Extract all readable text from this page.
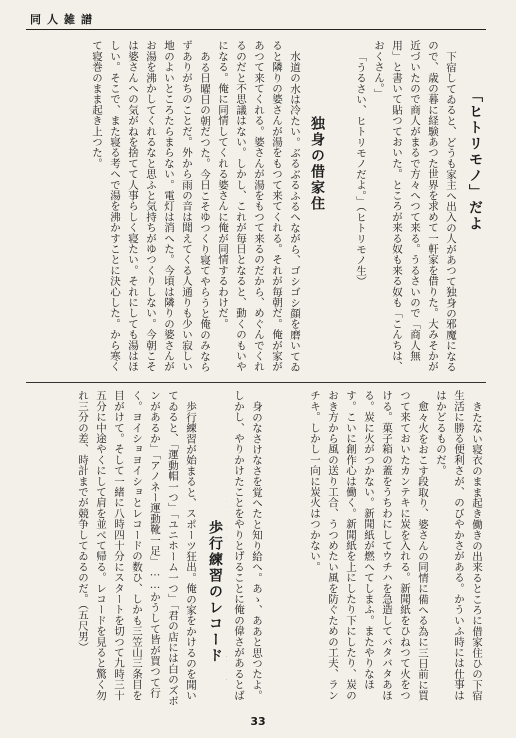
同人雑譜
「ヒトリモノ」だよ

下宿してゐると、どうも家主へ出入の人があつて独身の邪魔になるので、歳の暮に経験あつた世界を求めて一軒家を借りた。大みそかが近づいたので商人がまるで方々へつて来る。うるさいので「商人無用」と書いて貼つておいた。ところが来る奴も来る奴も「こんちは、おくさん。」

「うるさい、ヒトリモノだよ。」（ヒトリモノ生）

独身の借家住

水道の水は冷たい。ぶるぶるふるへながら、ゴシゴシ顔を磨いてゐると隣りの婆さんが湯をもつて来てくれる。それが毎朝だ。俺が家があつて来てくれる。婆さんが湯をもつて来るのだから、めぐんでくれるのだと不思議はない。しかし、これが毎日となると、動くのもいやになる。俺に同情してくれる婆さんに俺が同情するわけだ。

ある日曜日の朝だつた。今日こそゆつくり寝てやらうと俺のみならずありがちのことだ。外から雨の音は聞えてくる人通りも少い寂しい地のよいところたらまらない。電灯は消へた。今頃は隣りの婆さんがお湯を沸かしてくれるなと思ふと気持ちがゆつくりしない。今朝こそは婆さんへの気がねを捨てて人事らしく寝たい。それにしても湯はほしい。そこで、また寝る考へで湯を沸かすことに決心した。から寒くて寝巻のまま起き上つた。

きたない寝衣のまま起き働きの出来るところに借家住ひの下宿生活に勝る便利さが、のびやかさがある。かういふ時には仕事ははかどるものだ。

愈々火をおこす段取り、婆さんの同情に備へる為に三日前に買つて来ておいたカンテキに炭を入れる。新聞紙をひねつて火をつける。菓子箱の蓋をうちわにしてウチハを急造してバタバタあほる。炭に火がつかない。新聞紙が燃へてしまふ。またやりなほす。こいに創作心は働く。新聞紙を上にしたり下にしたり、炭のおき方から風の送り工合、うつめたい風を防ぐための工夫、ランチキ。しかし一向に炭火はつかない。

身のなさけなさを覚へたと知り給へ。あゝ、ああと思つたよ。しかし、やりかけたことをやりとげることに俺の偉さがあるとば

歩行練習のレコード

歩行練習が始まると、スポーツ狂出。俺の家をかけるのを聞いてゐると、「運動帽一つ」「ユニホーム一つ」「君の店には白のズボンがあるか」「アノネー運動靴一足」……かうして皆が買つて行く。ヨイショヨイショとレコードの数ひ、しかも三笠山三条目を目がけて。そして一緒に八時四十分にスタートを切つて九時三十五分に中途やくにして肩を並べて帰る。レコードを見ると驚く勿れ三分の差、時計までが競争してゐるのだ。（五尺男）

33
